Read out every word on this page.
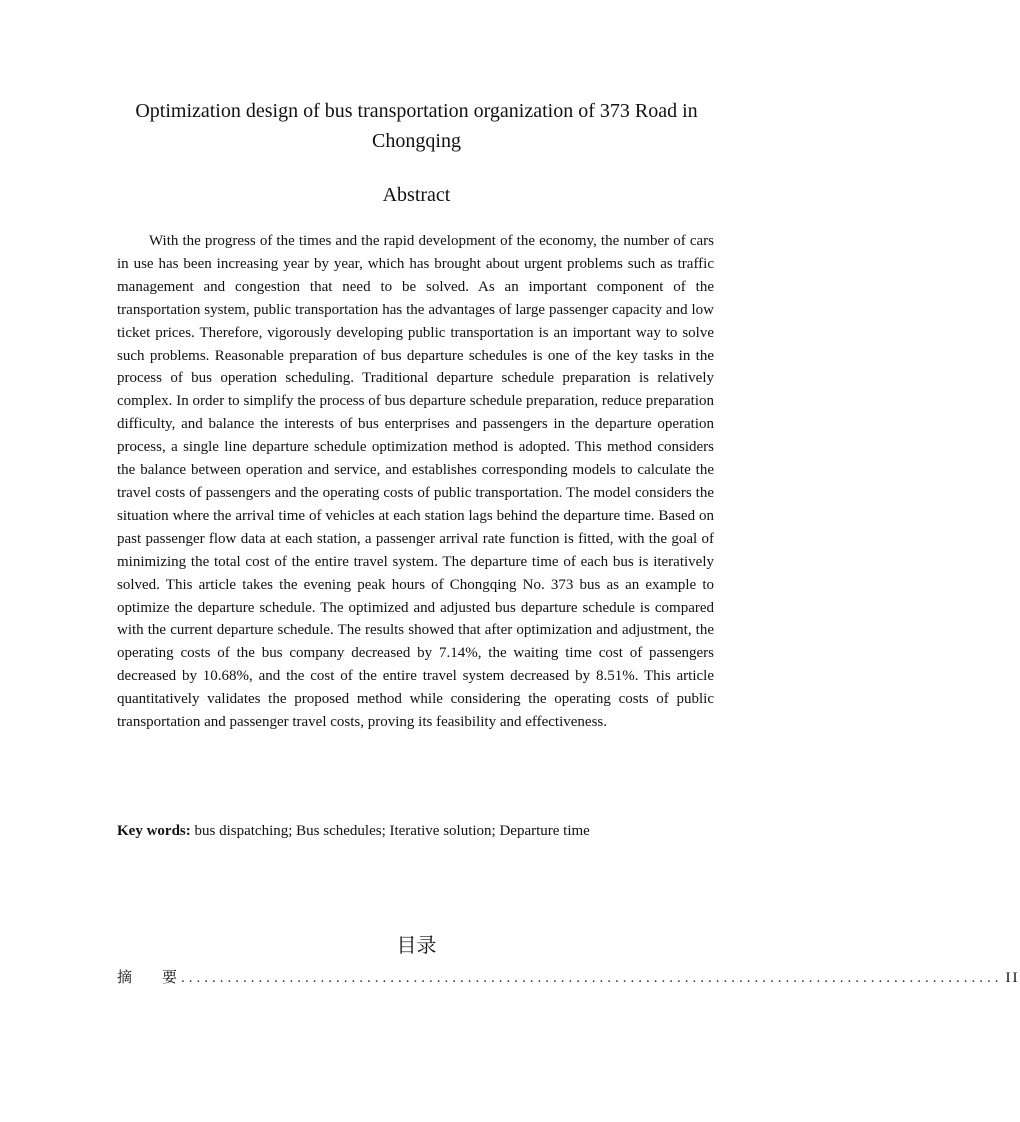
Optimization design of bus transportation organization of 373 Road in Chongqing
Abstract

With the progress of the times and the rapid development of the economy, the number of cars in use has been increasing year by year, which has brought about urgent problems such as traffic management and congestion that need to be solved. As an important component of the transportation system, public transportation has the advantages of large passenger capacity and low ticket prices. Therefore, vigorously developing public transportation is an important way to solve such problems. Reasonable preparation of bus departure schedules is one of the key tasks in the process of bus operation scheduling. Traditional departure schedule preparation is relatively complex. In order to simplify the process of bus departure schedule preparation, reduce preparation difficulty, and balance the interests of bus enterprises and passengers in the departure operation process, a single line departure schedule optimization method is adopted. This method considers the balance between operation and service, and establishes corresponding models to calculate the travel costs of passengers and the operating costs of public transportation. The model considers the situation where the arrival time of vehicles at each station lags behind the departure time. Based on past passenger flow data at each station, a passenger arrival rate function is fitted, with the goal of minimizing the total cost of the entire travel system. The departure time of each bus is iteratively solved. This article takes the evening peak hours of Chongqing No. 373 bus as an example to optimize the departure schedule. The optimized and adjusted bus departure schedule is compared with the current departure schedule. The results showed that after optimization and adjustment, the operating costs of the bus company decreased by 7.14%, the waiting time cost of passengers decreased by 10.68%, and the cost of the entire travel system decreased by 8.51%. This article quantitatively validates the proposed method while considering the operating costs of public transportation and passenger travel costs, proving its feasibility and effectiveness.

Key words: bus dispatching; Bus schedules; Iterative solution; Departure time
目录
摘要
.......................................................................................................... II
